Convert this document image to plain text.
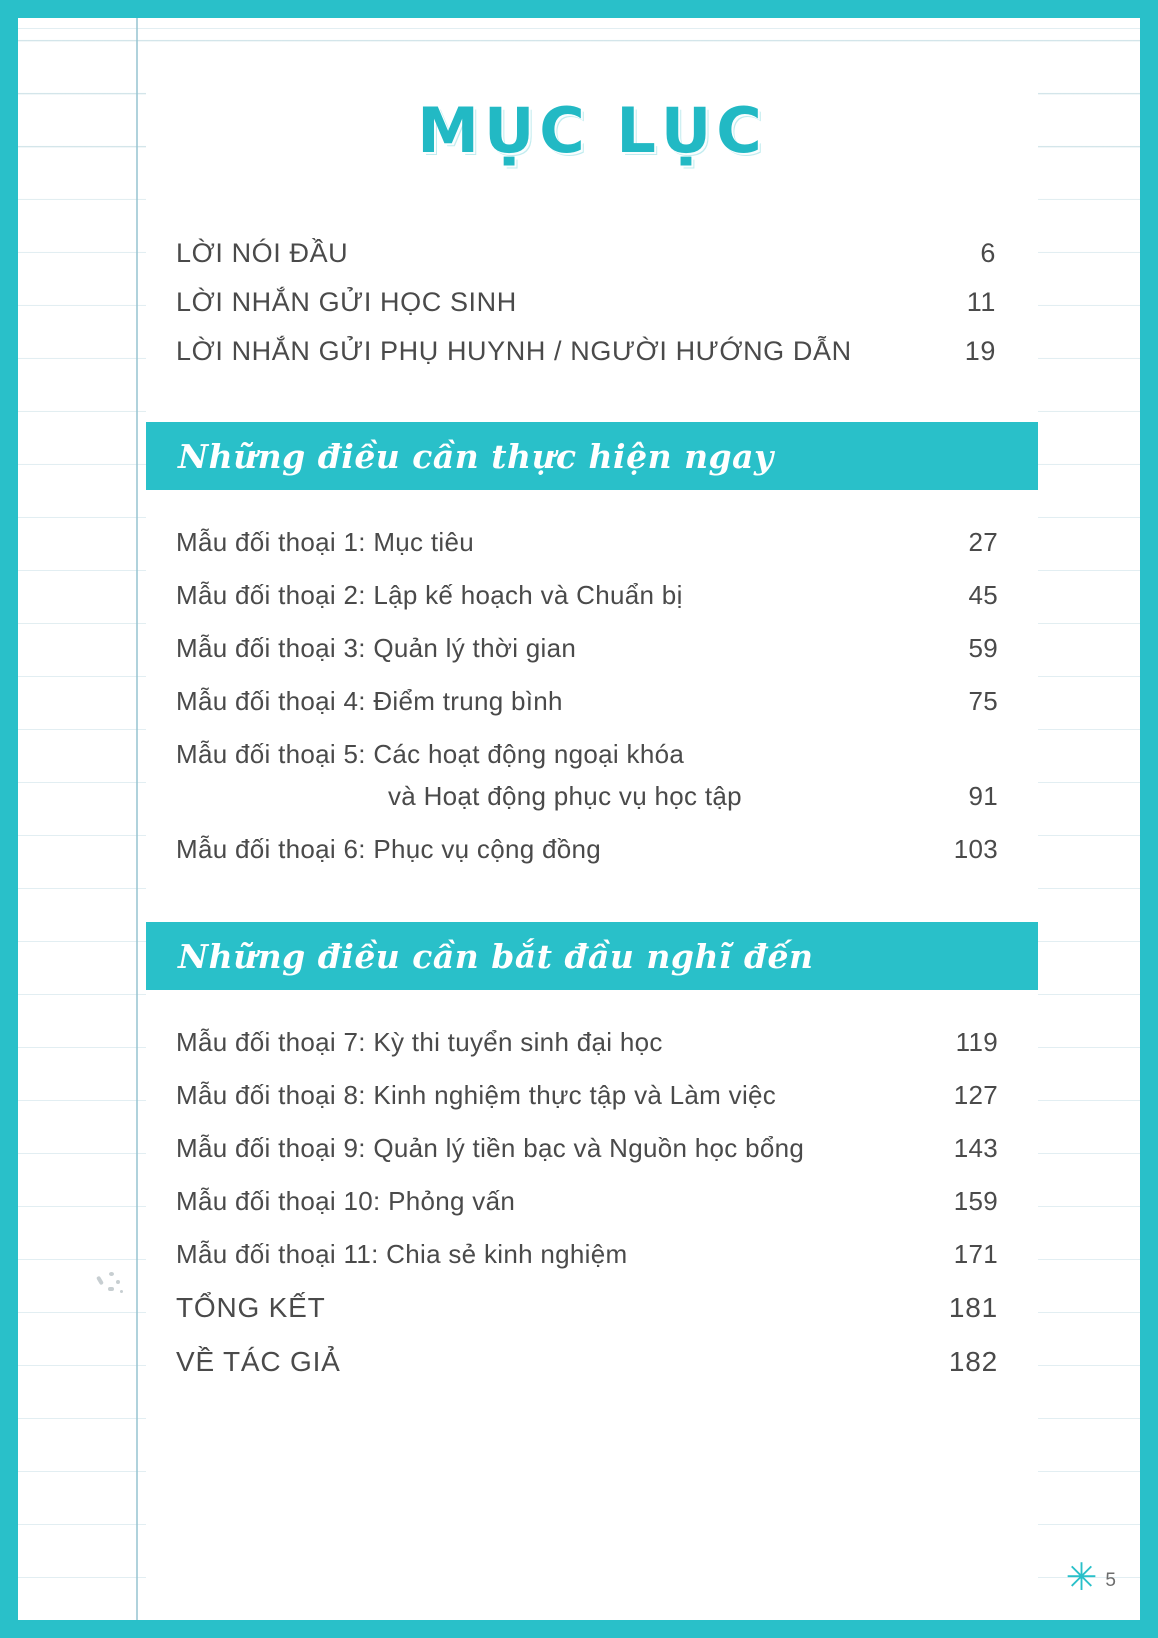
MỤC LỤC
LỜI NÓI ĐẦU	6
LỜI NHẮN GỬI HỌC SINH	11
LỜI NHẮN GỬI PHỤ HUYNH / NGƯỜI HƯỚNG DẪN	19
Những điều cần thực hiện ngay
Mẫu đối thoại 1: Mục tiêu	27
Mẫu đối thoại 2: Lập kế hoạch và Chuẩn bị	45
Mẫu đối thoại 3: Quản lý thời gian	59
Mẫu đối thoại 4: Điểm trung bình	75
Mẫu đối thoại 5: Các hoạt động ngoại khóa
và Hoạt động phục vụ học tập	91
Mẫu đối thoại 6: Phục vụ cộng đồng	103
Những điều cần bắt đầu nghĩ đến
Mẫu đối thoại 7: Kỳ thi tuyển sinh đại học	119
Mẫu đối thoại 8: Kinh nghiệm thực tập và Làm việc	127
Mẫu đối thoại 9: Quản lý tiền bạc và Nguồn học bổng	143
Mẫu đối thoại 10: Phỏng vấn	159
Mẫu đối thoại 11: Chia sẻ kinh nghiệm	171
TỔNG KẾT	181
VỀ TÁC GIẢ	182
✳ 5
